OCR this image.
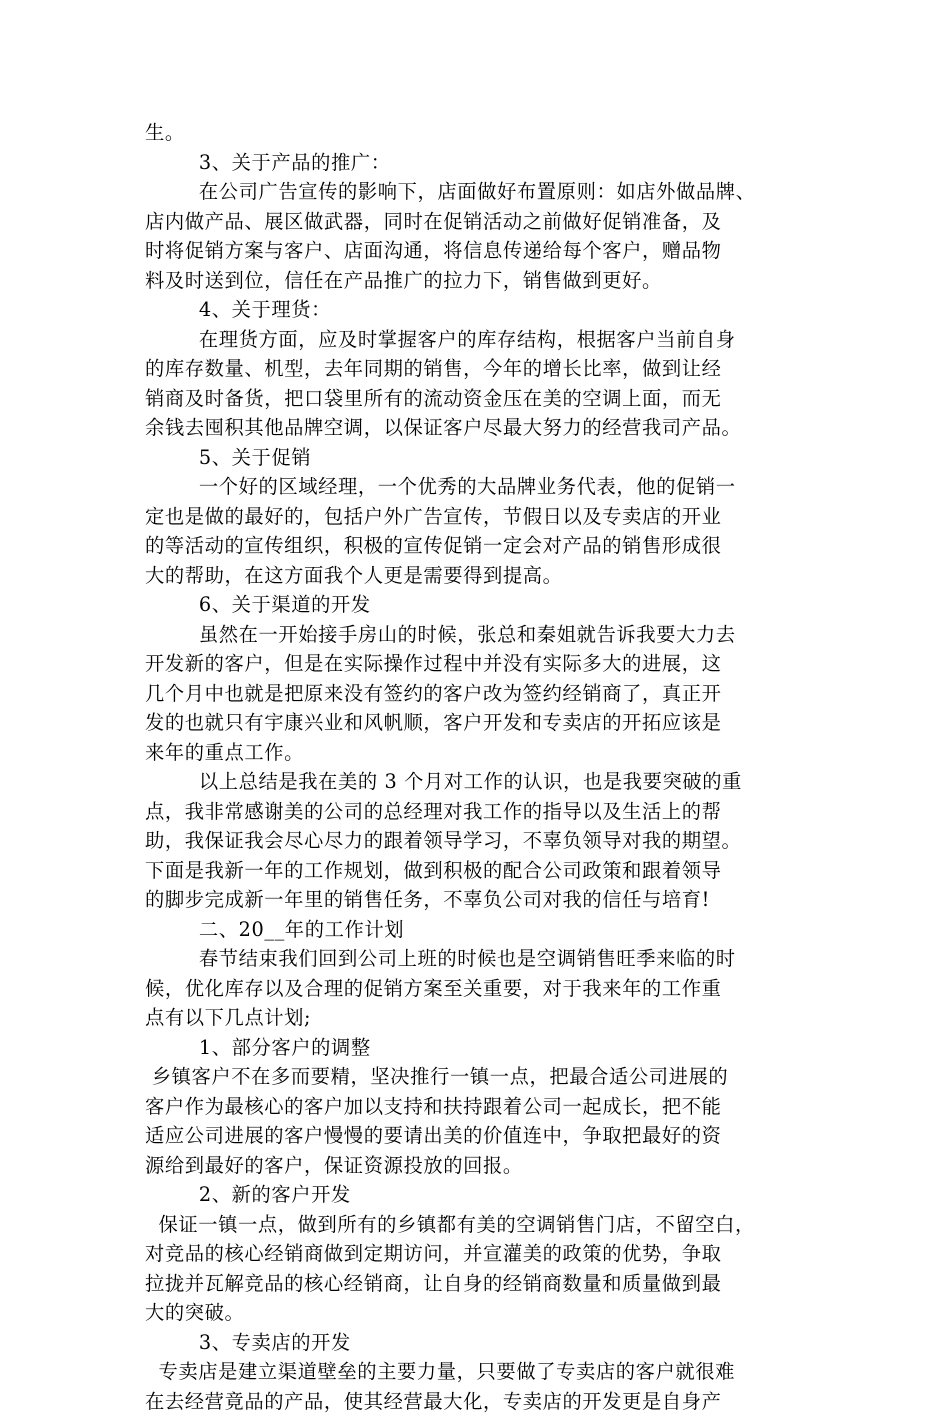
生。
3、关于产品的推广：
在公司广告宣传的影响下，店面做好布置原则：如店外做品牌、
店内做产品、展区做武器，同时在促销活动之前做好促销准备，及
时将促销方案与客户、店面沟通，将信息传递给每个客户，赠品物
料及时送到位，信任在产品推广的拉力下，销售做到更好。
4、关于理货：
在理货方面，应及时掌握客户的库存结构，根据客户当前自身
的库存数量、机型，去年同期的销售，今年的增长比率，做到让经
销商及时备货，把口袋里所有的流动资金压在美的空调上面，而无
余钱去囤积其他品牌空调，以保证客户尽最大努力的经营我司产品。
5、关于促销
一个好的区域经理，一个优秀的大品牌业务代表，他的促销一
定也是做的最好的，包括户外广告宣传，节假日以及专卖店的开业
的等活动的宣传组织，积极的宣传促销一定会对产品的销售形成很
大的帮助，在这方面我个人更是需要得到提高。
6、关于渠道的开发
虽然在一开始接手房山的时候，张总和秦姐就告诉我要大力去
开发新的客户，但是在实际操作过程中并没有实际多大的进展，这
几个月中也就是把原来没有签约的客户改为签约经销商了，真正开
发的也就只有宇康兴业和风帆顺，客户开发和专卖店的开拓应该是
来年的重点工作。
以上总结是我在美的 3 个月对工作的认识，也是我要突破的重
点，我非常感谢美的公司的总经理对我工作的指导以及生活上的帮
助，我保证我会尽心尽力的跟着领导学习，不辜负领导对我的期望。
下面是我新一年的工作规划，做到积极的配合公司政策和跟着领导
的脚步完成新一年里的销售任务，不辜负公司对我的信任与培育!
二、20__年的工作计划
春节结束我们回到公司上班的时候也是空调销售旺季来临的时
候，优化库存以及合理的促销方案至关重要，对于我来年的工作重
点有以下几点计划;
1、部分客户的调整
乡镇客户不在多而要精，坚决推行一镇一点，把最合适公司进展的
客户作为最核心的客户加以支持和扶持跟着公司一起成长，把不能
适应公司进展的客户慢慢的要请出美的价值连中，争取把最好的资
源给到最好的客户，保证资源投放的回报。
2、新的客户开发
保证一镇一点，做到所有的乡镇都有美的空调销售门店，不留空白，
对竞品的核心经销商做到定期访问，并宣灌美的政策的优势，争取
拉拢并瓦解竞品的核心经销商，让自身的经销商数量和质量做到最
大的突破。
3、专卖店的开发
专卖店是建立渠道壁垒的主要力量，只要做了专卖店的客户就很难
在去经营竟品的产品，使其经营最大化，专卖店的开发更是自身产
